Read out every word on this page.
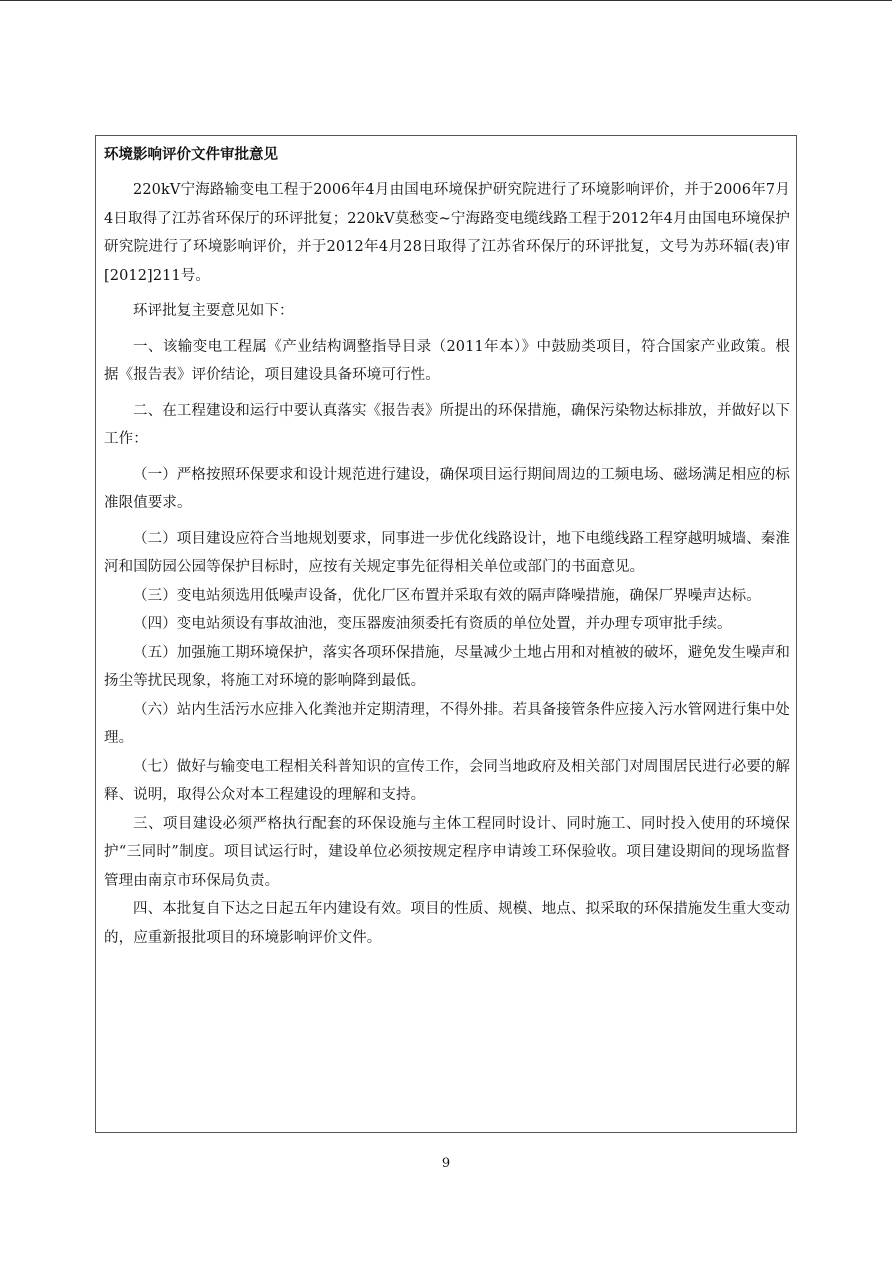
环境影响评价文件审批意见

220kV宁海路输变电工程于2006年4月由国电环境保护研究院进行了环境影响评价，并于2006年7月4日取得了江苏省环保厅的环评批复；220kV莫愁变~宁海路变电缆线路工程于2012年4月由国电环境保护研究院进行了环境影响评价，并于2012年4月28日取得了江苏省环保厅的环评批复，文号为苏环辐(表)审[2012]211号。

环评批复主要意见如下：

一、该输变电工程属《产业结构调整指导目录（2011年本）》中鼓励类项目，符合国家产业政策。根据《报告表》评价结论，项目建设具备环境可行性。

二、在工程建设和运行中要认真落实《报告表》所提出的环保措施，确保污染物达标排放，并做好以下工作：

（一）严格按照环保要求和设计规范进行建设，确保项目运行期间周边的工频电场、磁场满足相应的标准限值要求。

（二）项目建设应符合当地规划要求，同事进一步优化线路设计，地下电缆线路工程穿越明城墙、秦淮河和国防园公园等保护目标时，应按有关规定事先征得相关单位或部门的书面意见。

（三）变电站须选用低噪声设备，优化厂区布置并采取有效的隔声降噪措施，确保厂界噪声达标。

（四）变电站须设有事故油池，变压器废油须委托有资质的单位处置，并办理专项审批手续。

（五）加强施工期环境保护，落实各项环保措施，尽量减少土地占用和对植被的破坏，避免发生噪声和扬尘等扰民现象，将施工对环境的影响降到最低。

（六）站内生活污水应排入化粪池并定期清理，不得外排。若具备接管条件应接入污水管网进行集中处理。

（七）做好与输变电工程相关科普知识的宣传工作，会同当地政府及相关部门对周围居民进行必要的解释、说明，取得公众对本工程建设的理解和支持。

三、项目建设必须严格执行配套的环保设施与主体工程同时设计、同时施工、同时投入使用的环境保护“三同时”制度。项目试运行时，建设单位必须按规定程序申请竣工环保验收。项目建设期间的现场监督管理由南京市环保局负责。

四、本批复自下达之日起五年内建设有效。项目的性质、规模、地点、拟采取的环保措施发生重大变动的，应重新报批项目的环境影响评价文件。

9
